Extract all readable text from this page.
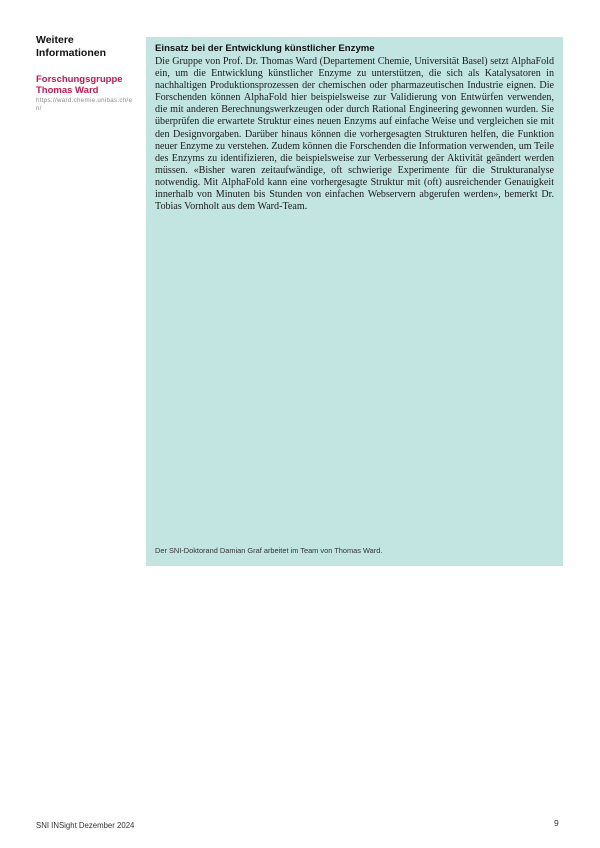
Weitere
Informationen

Forschungsgruppe
Thomas Ward
https://ward.chemie.unibas.ch/en/

Einsatz bei der Entwicklung künstlicher Enzyme

Die Gruppe von Prof. Dr. Thomas Ward (Departement Chemie, Universität Basel) setzt AlphaFold ein, um die Entwicklung künstlicher Enzyme zu unterstützen, die sich als Katalysatoren in nachhaltigen Produktionsprozessen der chemischen oder pharmazeutischen Industrie eignen. Die Forschenden können AlphaFold hier beispielsweise zur Validierung von Entwürfen verwenden, die mit anderen Berechnungswerkzeugen oder durch Rational Engineering gewonnen wurden. Sie überprüfen die erwartete Struktur eines neuen Enzyms auf einfache Weise und vergleichen sie mit den Designvorgaben. Darüber hinaus können die vorhergesagten Strukturen helfen, die Funktion neuer Enzyme zu verstehen. Zudem können die Forschenden die Information verwenden, um Teile des Enzyms zu identifizieren, die beispielsweise zur Verbesserung der Aktivität geändert werden müssen. «Bisher waren zeitaufwändige, oft schwierige Experimente für die Strukturanalyse notwendig. Mit AlphaFold kann eine vorhergesagte Struktur mit (oft) ausreichender Genauigkeit innerhalb von Minuten bis Stunden von einfachen Webservern abgerufen werden», bemerkt Dr. Tobias Vornholt aus dem Ward-Team.

Der SNI-Doktorand Damian Graf arbeitet im Team von Thomas Ward.
SNI INSight Dezember 2024	9
